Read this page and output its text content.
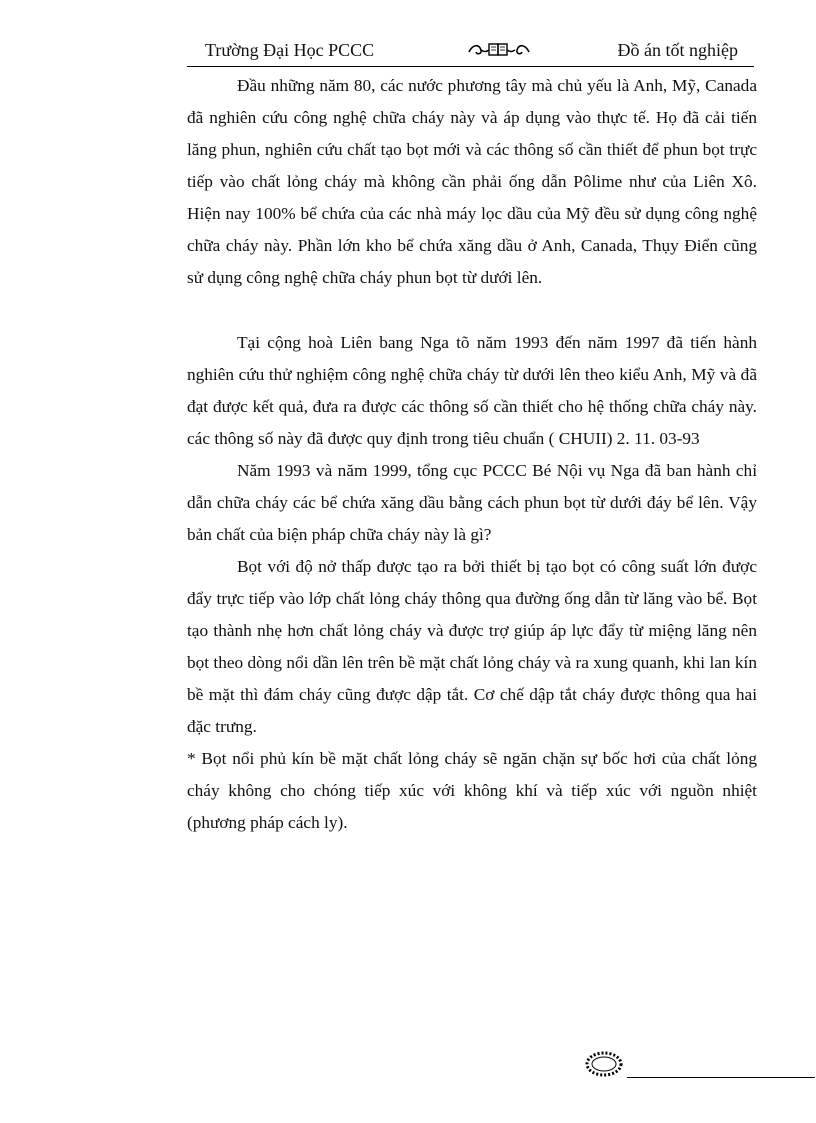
Trường Đại Học PCCC	Đồ án tốt nghiệp

Đầu những năm 80, các nước phương tây mà chủ yếu là Anh, Mỹ, Canada đã nghiên cứu công nghệ chữa cháy này và áp dụng vào thực tế. Họ đã cải tiến lăng phun, nghiên cứu chất tạo bọt mới và các thông số cần thiết để phun bọt trực tiếp vào chất lỏng cháy mà không cần phải ống dẫn Pôlime như của Liên Xô. Hiện nay 100% bể chứa của các nhà máy lọc dầu của Mỹ đều sử dụng công nghệ chữa cháy này. Phần lớn kho bể chứa xăng dầu ở Anh, Canada, Thụy Điển cũng sử dụng công nghệ chữa cháy phun bọt từ dưới lên.

Tại cộng hoà Liên bang Nga tõ năm 1993 đến năm 1997 đã tiến hành nghiên cứu thử nghiệm công nghệ chữa cháy từ dưới lên theo kiểu Anh, Mỹ và đã đạt được kết quả, đưa ra được các thông số cần thiết cho hệ thống chữa cháy này. các thông số này đã được quy định trong tiêu chuẩn ( CHUII) 2. 11. 03-93

Năm 1993 và năm 1999, tổng cục PCCC Bé Nội vụ Nga đã ban hành chỉ dẫn chữa cháy các bể chứa xăng dầu bằng cách phun bọt từ dưới đáy bể lên. Vậy bản chất của biện pháp chữa cháy này là gì?

Bọt với độ nở thấp được tạo ra bởi thiết bị tạo bọt có công suất lớn được đẩy trực tiếp vào lớp chất lỏng cháy thông qua đường ống dẫn từ lăng vào bể. Bọt tạo thành nhẹ hơn chất lỏng cháy và được trợ giúp áp lực đẩy từ miệng lăng nên bọt theo dòng nổi dần lên trên bề mặt chất lỏng cháy và ra xung quanh, khi lan kín bề mặt thì đám cháy cũng được dập tắt. Cơ chế dập tắt cháy được thông qua hai đặc trưng.

* Bọt nổi phủ kín bề mặt chất lỏng cháy sẽ ngăn chặn sự bốc hơi của chất lỏng cháy không cho chóng tiếp xúc với không khí và tiếp xúc với nguồn nhiệt (phương pháp cách ly).
